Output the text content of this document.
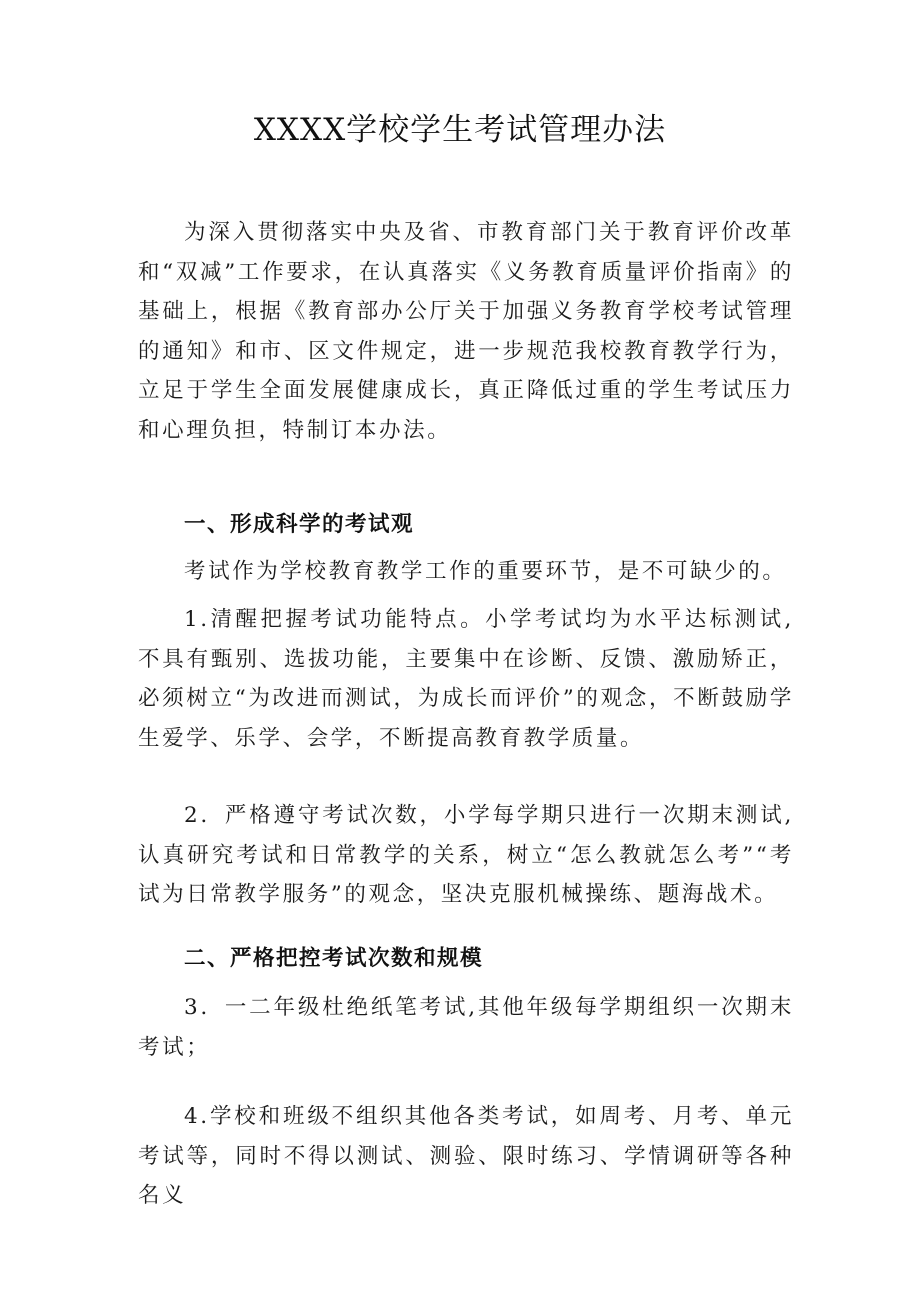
XXXX学校学生考试管理办法

为深入贯彻落实中央及省、市教育部门关于教育评价改革和“双减”工作要求，在认真落实《义务教育质量评价指南》的基础上，根据《教育部办公厅关于加强义务教育学校考试管理的通知》和市、区文件规定，进一步规范我校教育教学行为，立足于学生全面发展健康成长，真正降低过重的学生考试压力和心理负担，特制订本办法。

一、形成科学的考试观

考试作为学校教育教学工作的重要环节，是不可缺少的。

1.清醒把握考试功能特点。小学考试均为水平达标测试,不具有甄别、选拔功能，主要集中在诊断、反馈、激励矫正，必须树立“为改进而测试，为成长而评价”的观念，不断鼓励学生爱学、乐学、会学，不断提高教育教学质量。

2．严格遵守考试次数，小学每学期只进行一次期末测试,认真研究考试和日常教学的关系，树立“怎么教就怎么考”“考试为日常教学服务”的观念，坚决克服机械操练、题海战术。

二、严格把控考试次数和规模

3．一二年级杜绝纸笔考试,其他年级每学期组织一次期末考试；

4.学校和班级不组织其他各类考试，如周考、月考、单元考试等，同时不得以测试、测验、限时练习、学情调研等各种名义
